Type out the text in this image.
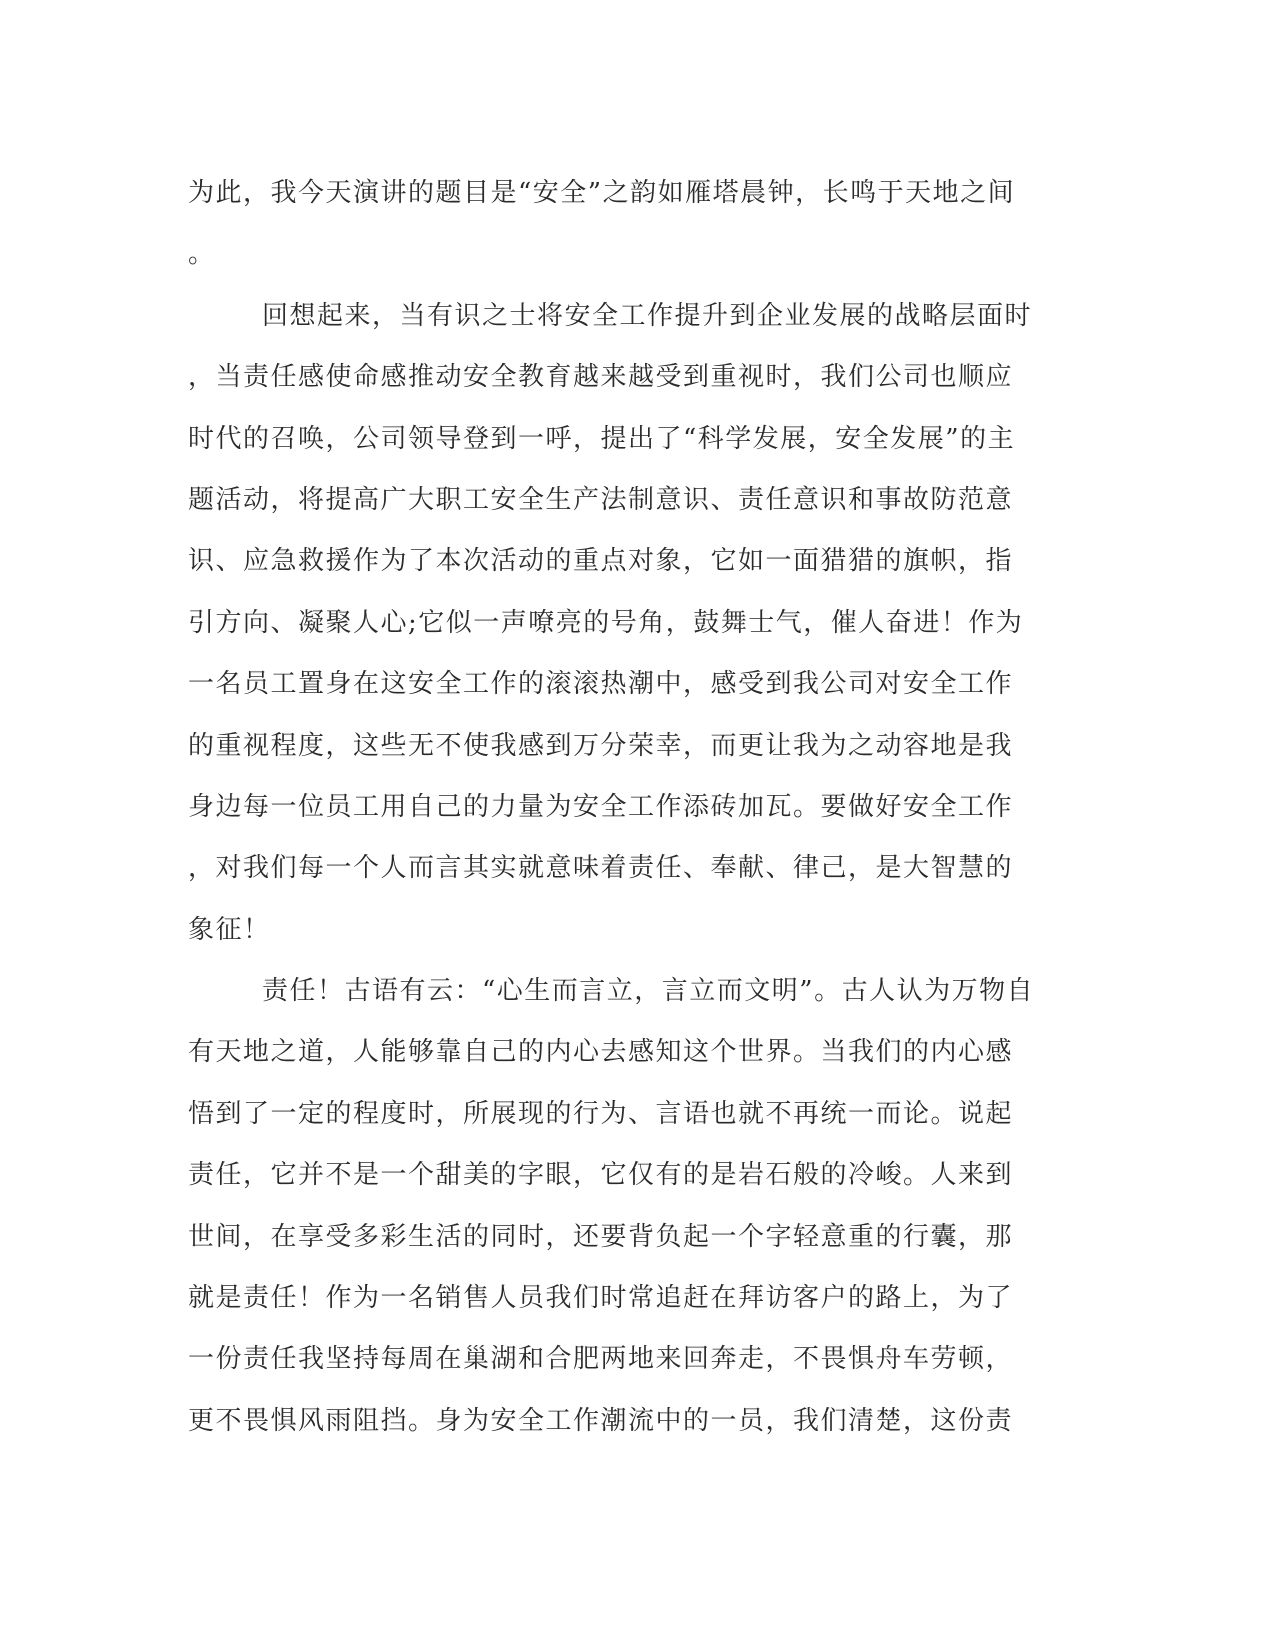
为此，我今天演讲的题目是“安全”之韵如雁塔晨钟，长鸣于天地之间
。
回想起来，当有识之士将安全工作提升到企业发展的战略层面时
，当责任感使命感推动安全教育越来越受到重视时，我们公司也顺应
时代的召唤，公司领导登到一呼，提出了“科学发展，安全发展”的主
题活动，将提高广大职工安全生产法制意识、责任意识和事故防范意
识、应急救援作为了本次活动的重点对象，它如一面猎猎的旗帜，指
引方向、凝聚人心;它似一声嘹亮的号角，鼓舞士气，催人奋进！作为
一名员工置身在这安全工作的滚滚热潮中，感受到我公司对安全工作
的重视程度，这些无不使我感到万分荣幸，而更让我为之动容地是我
身边每一位员工用自己的力量为安全工作添砖加瓦。要做好安全工作
，对我们每一个人而言其实就意味着责任、奉献、律己，是大智慧的
象征！
责任！古语有云：“心生而言立，言立而文明”。古人认为万物自
有天地之道，人能够靠自己的内心去感知这个世界。当我们的内心感
悟到了一定的程度时，所展现的行为、言语也就不再统一而论。说起
责任，它并不是一个甜美的字眼，它仅有的是岩石般的冷峻。人来到
世间，在享受多彩生活的同时，还要背负起一个字轻意重的行囊，那
就是责任！作为一名销售人员我们时常追赶在拜访客户的路上，为了
一份责任我坚持每周在巢湖和合肥两地来回奔走，不畏惧舟车劳顿，
更不畏惧风雨阻挡。身为安全工作潮流中的一员，我们清楚，这份责
